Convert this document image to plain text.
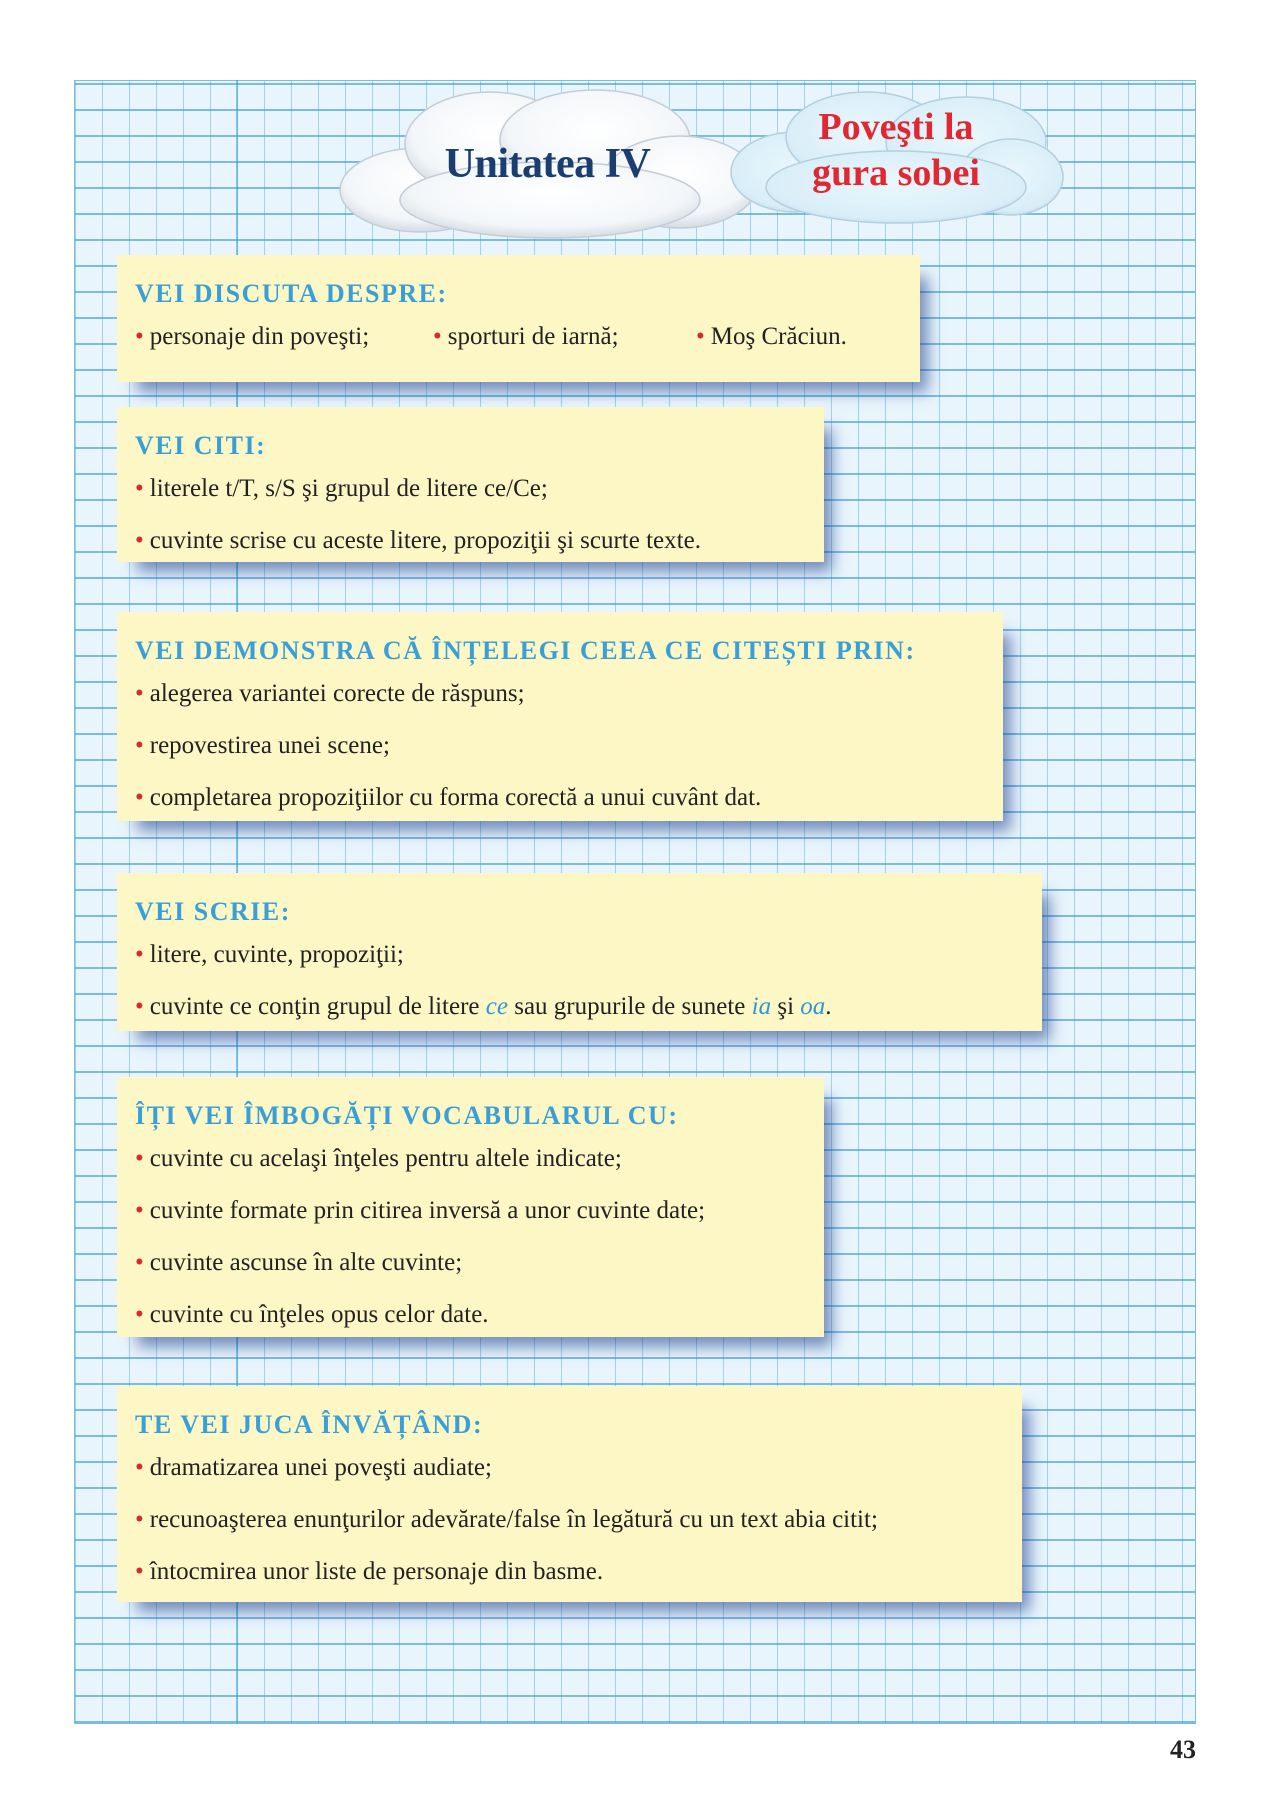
Unitatea IV
Poveşti la
gura sobei
VEI DISCUTA DESPRE:
• personaje din poveşti;	• sporturi de iarnă;	• Moş Crăciun.
VEI CITI:
• literele t/T, s/S şi grupul de litere ce/Ce;
• cuvinte scrise cu aceste litere, propoziţii şi scurte texte.
VEI DEMONSTRA CĂ ÎNȚELEGI CEEA CE CITEȘTI PRIN:
• alegerea variantei corecte de răspuns;
• repovestirea unei scene;
• completarea propoziţiilor cu forma corectă a unui cuvânt dat.
VEI SCRIE:
• litere, cuvinte, propoziţii;
• cuvinte ce conţin grupul de litere ce sau grupurile de sunete ia şi oa.
ÎȚI VEI ÎMBOGĂȚI VOCABULARUL CU:
• cuvinte cu acelaşi înţeles pentru altele indicate;
• cuvinte formate prin citirea inversă a unor cuvinte date;
• cuvinte ascunse în alte cuvinte;
• cuvinte cu înţeles opus celor date.
TE VEI JUCA ÎNVĂȚÂND:
• dramatizarea unei poveşti audiate;
• recunoaşterea enunţurilor adevărate/false în legătură cu un text abia citit;
• întocmirea unor liste de personaje din basme.
43
